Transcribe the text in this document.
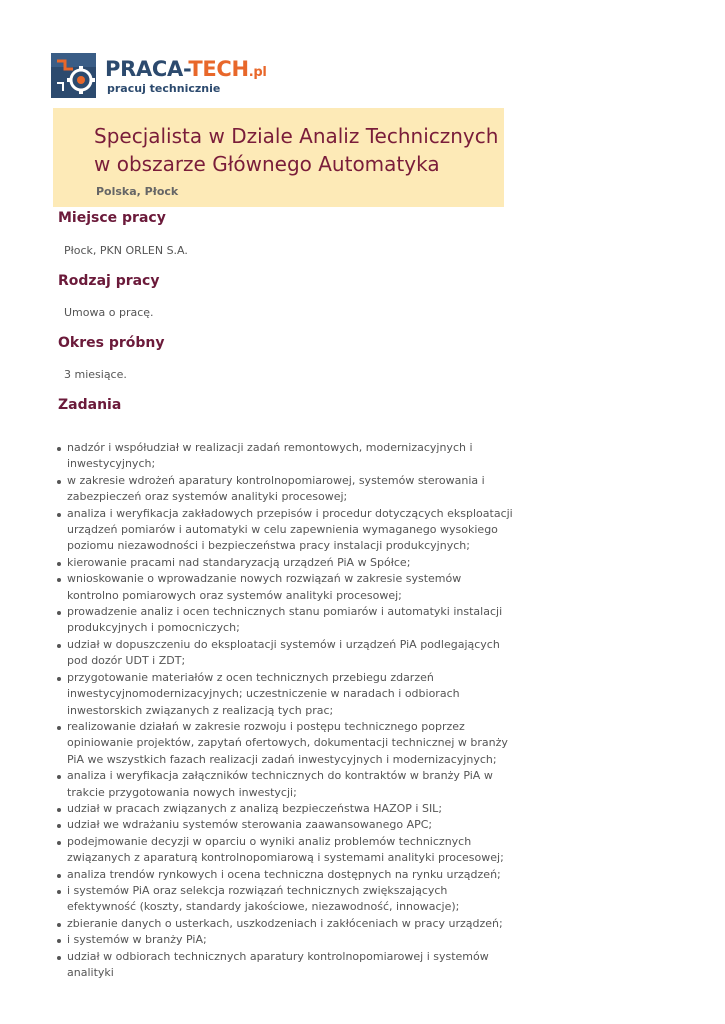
PRACA-TECH.pl
pracuj technicznie
Specjalista w Dziale Analiz Technicznych w obszarze Głównego Automatyka
Polska, Płock
Miejsce pracy
Płock, PKN ORLEN S.A.
Rodzaj pracy
Umowa o pracę.
Okres próbny
3 miesiące.
Zadania
nadzór i współudział w realizacji zadań remontowych, modernizacyjnych i inwestycyjnych;
w zakresie wdrożeń aparatury kontrolnopomiarowej, systemów sterowania i zabezpieczeń oraz systemów analityki procesowej;
analiza i weryfikacja zakładowych przepisów i procedur dotyczących eksploatacji urządzeń pomiarów i automatyki w celu zapewnienia wymaganego wysokiego poziomu niezawodności i bezpieczeństwa pracy instalacji produkcyjnych;
kierowanie pracami nad standaryzacją urządzeń PiA w Spółce;
wnioskowanie o wprowadzanie nowych rozwiązań w zakresie systemów kontrolno pomiarowych oraz systemów analityki procesowej;
prowadzenie analiz i ocen technicznych stanu pomiarów i automatyki instalacji produkcyjnych i pomocniczych;
udział w dopuszczeniu do eksploatacji systemów i urządzeń PiA podlegających pod dozór UDT i ZDT;
przygotowanie materiałów z ocen technicznych przebiegu zdarzeń inwestycyjnomodernizacyjnych; uczestniczenie w naradach i odbiorach inwestorskich związanych z realizacją tych prac;
realizowanie działań w zakresie rozwoju i postępu technicznego poprzez opiniowanie projektów, zapytań ofertowych, dokumentacji technicznej w branży PiA we wszystkich fazach realizacji zadań inwestycyjnych i modernizacyjnych;
analiza i weryfikacja załączników technicznych do kontraktów w branży PiA w trakcie przygotowania nowych inwestycji;
udział w pracach związanych z analizą bezpieczeństwa HAZOP i SIL;
udział we wdrażaniu systemów sterowania zaawansowanego APC;
podejmowanie decyzji w oparciu o wyniki analiz problemów technicznych związanych z aparaturą kontrolnopomiarową i systemami analityki procesowej;
analiza trendów rynkowych i ocena techniczna dostępnych na rynku urządzeń;
i systemów PiA oraz selekcja rozwiązań technicznych zwiększających efektywność (koszty, standardy jakościowe, niezawodność, innowacje);
zbieranie danych o usterkach, uszkodzeniach i zakłóceniach w pracy urządzeń;
i systemów w branży PiA;
udział w odbiorach technicznych aparatury kontrolnopomiarowej i systemów analityki
